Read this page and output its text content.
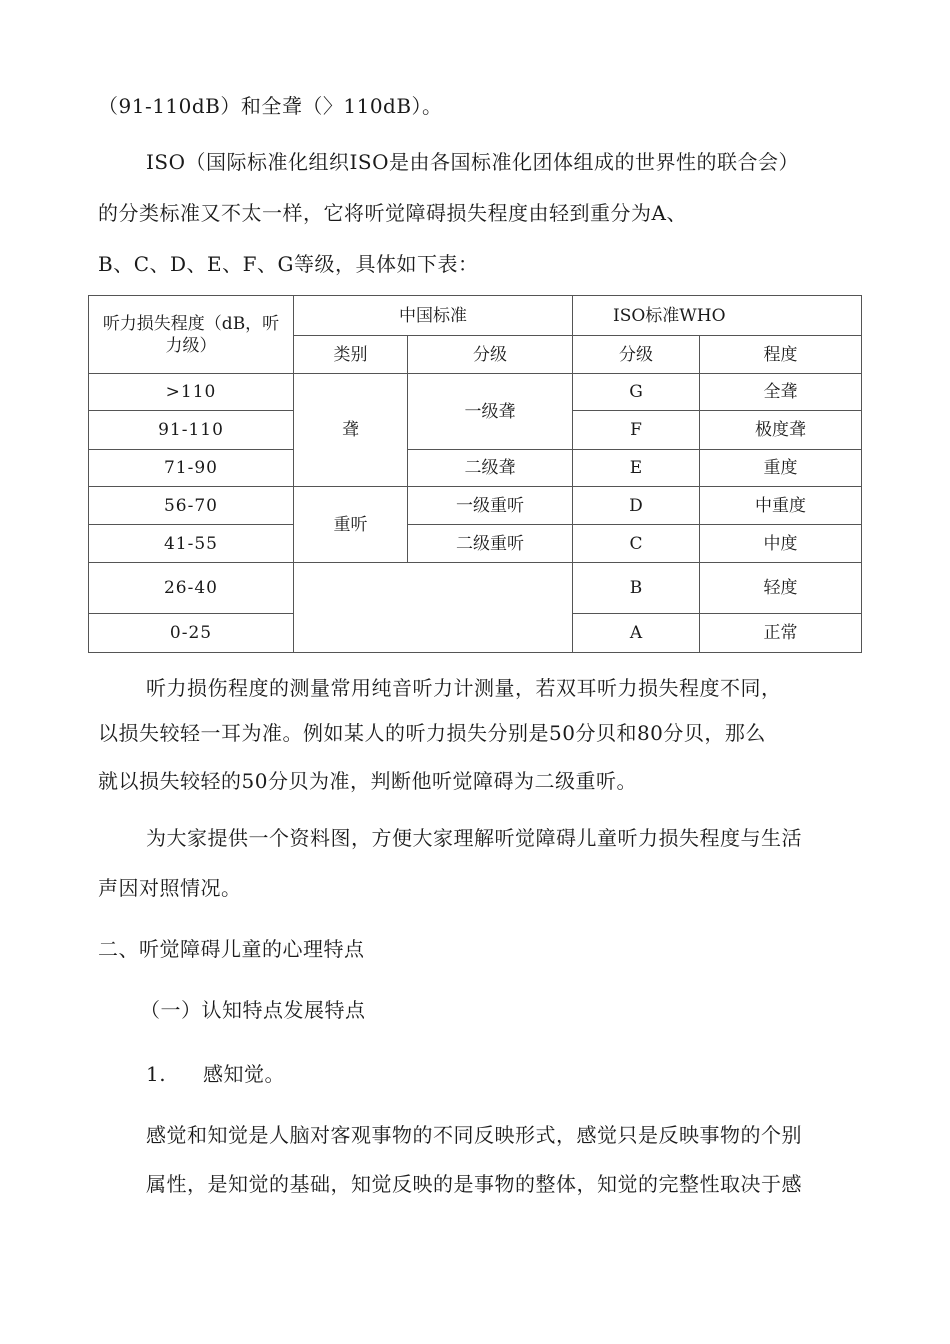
（91-110dB）和全聋（〉110dB）。
ISO（国际标准化组织ISO是由各国标准化团体组成的世界性的联合会）
的分类标准又不太一样，它将听觉障碍损失程度由轻到重分为A、
B、C、D、E、F、G等级，具体如下表：
听力损失程度（dB，听力级）	中国标准		ISO标准WHO	
	类别	分级	分级	程度
>110	聋	一级聋	G	全聋
91-110			F	极度聋
71-90		二级聋	E	重度
56-70	重听	一级重听	D	中重度
41-55		二级重听	C	中度
26-40			B	轻度
0-25			A	正常
听力损伤程度的测量常用纯音听力计测量，若双耳听力损失程度不同，
以损失较轻一耳为准。例如某人的听力损失分别是50分贝和80分贝，那么
就以损失较轻的50分贝为准，判断他听觉障碍为二级重听。
为大家提供一个资料图，方便大家理解听觉障碍儿童听力损失程度与生活
声因对照情况。
二、听觉障碍儿童的心理特点
（一）认知特点发展特点
1. 感知觉。
感觉和知觉是人脑对客观事物的不同反映形式，感觉只是反映事物的个别
属性，是知觉的基础，知觉反映的是事物的整体，知觉的完整性取决于感
